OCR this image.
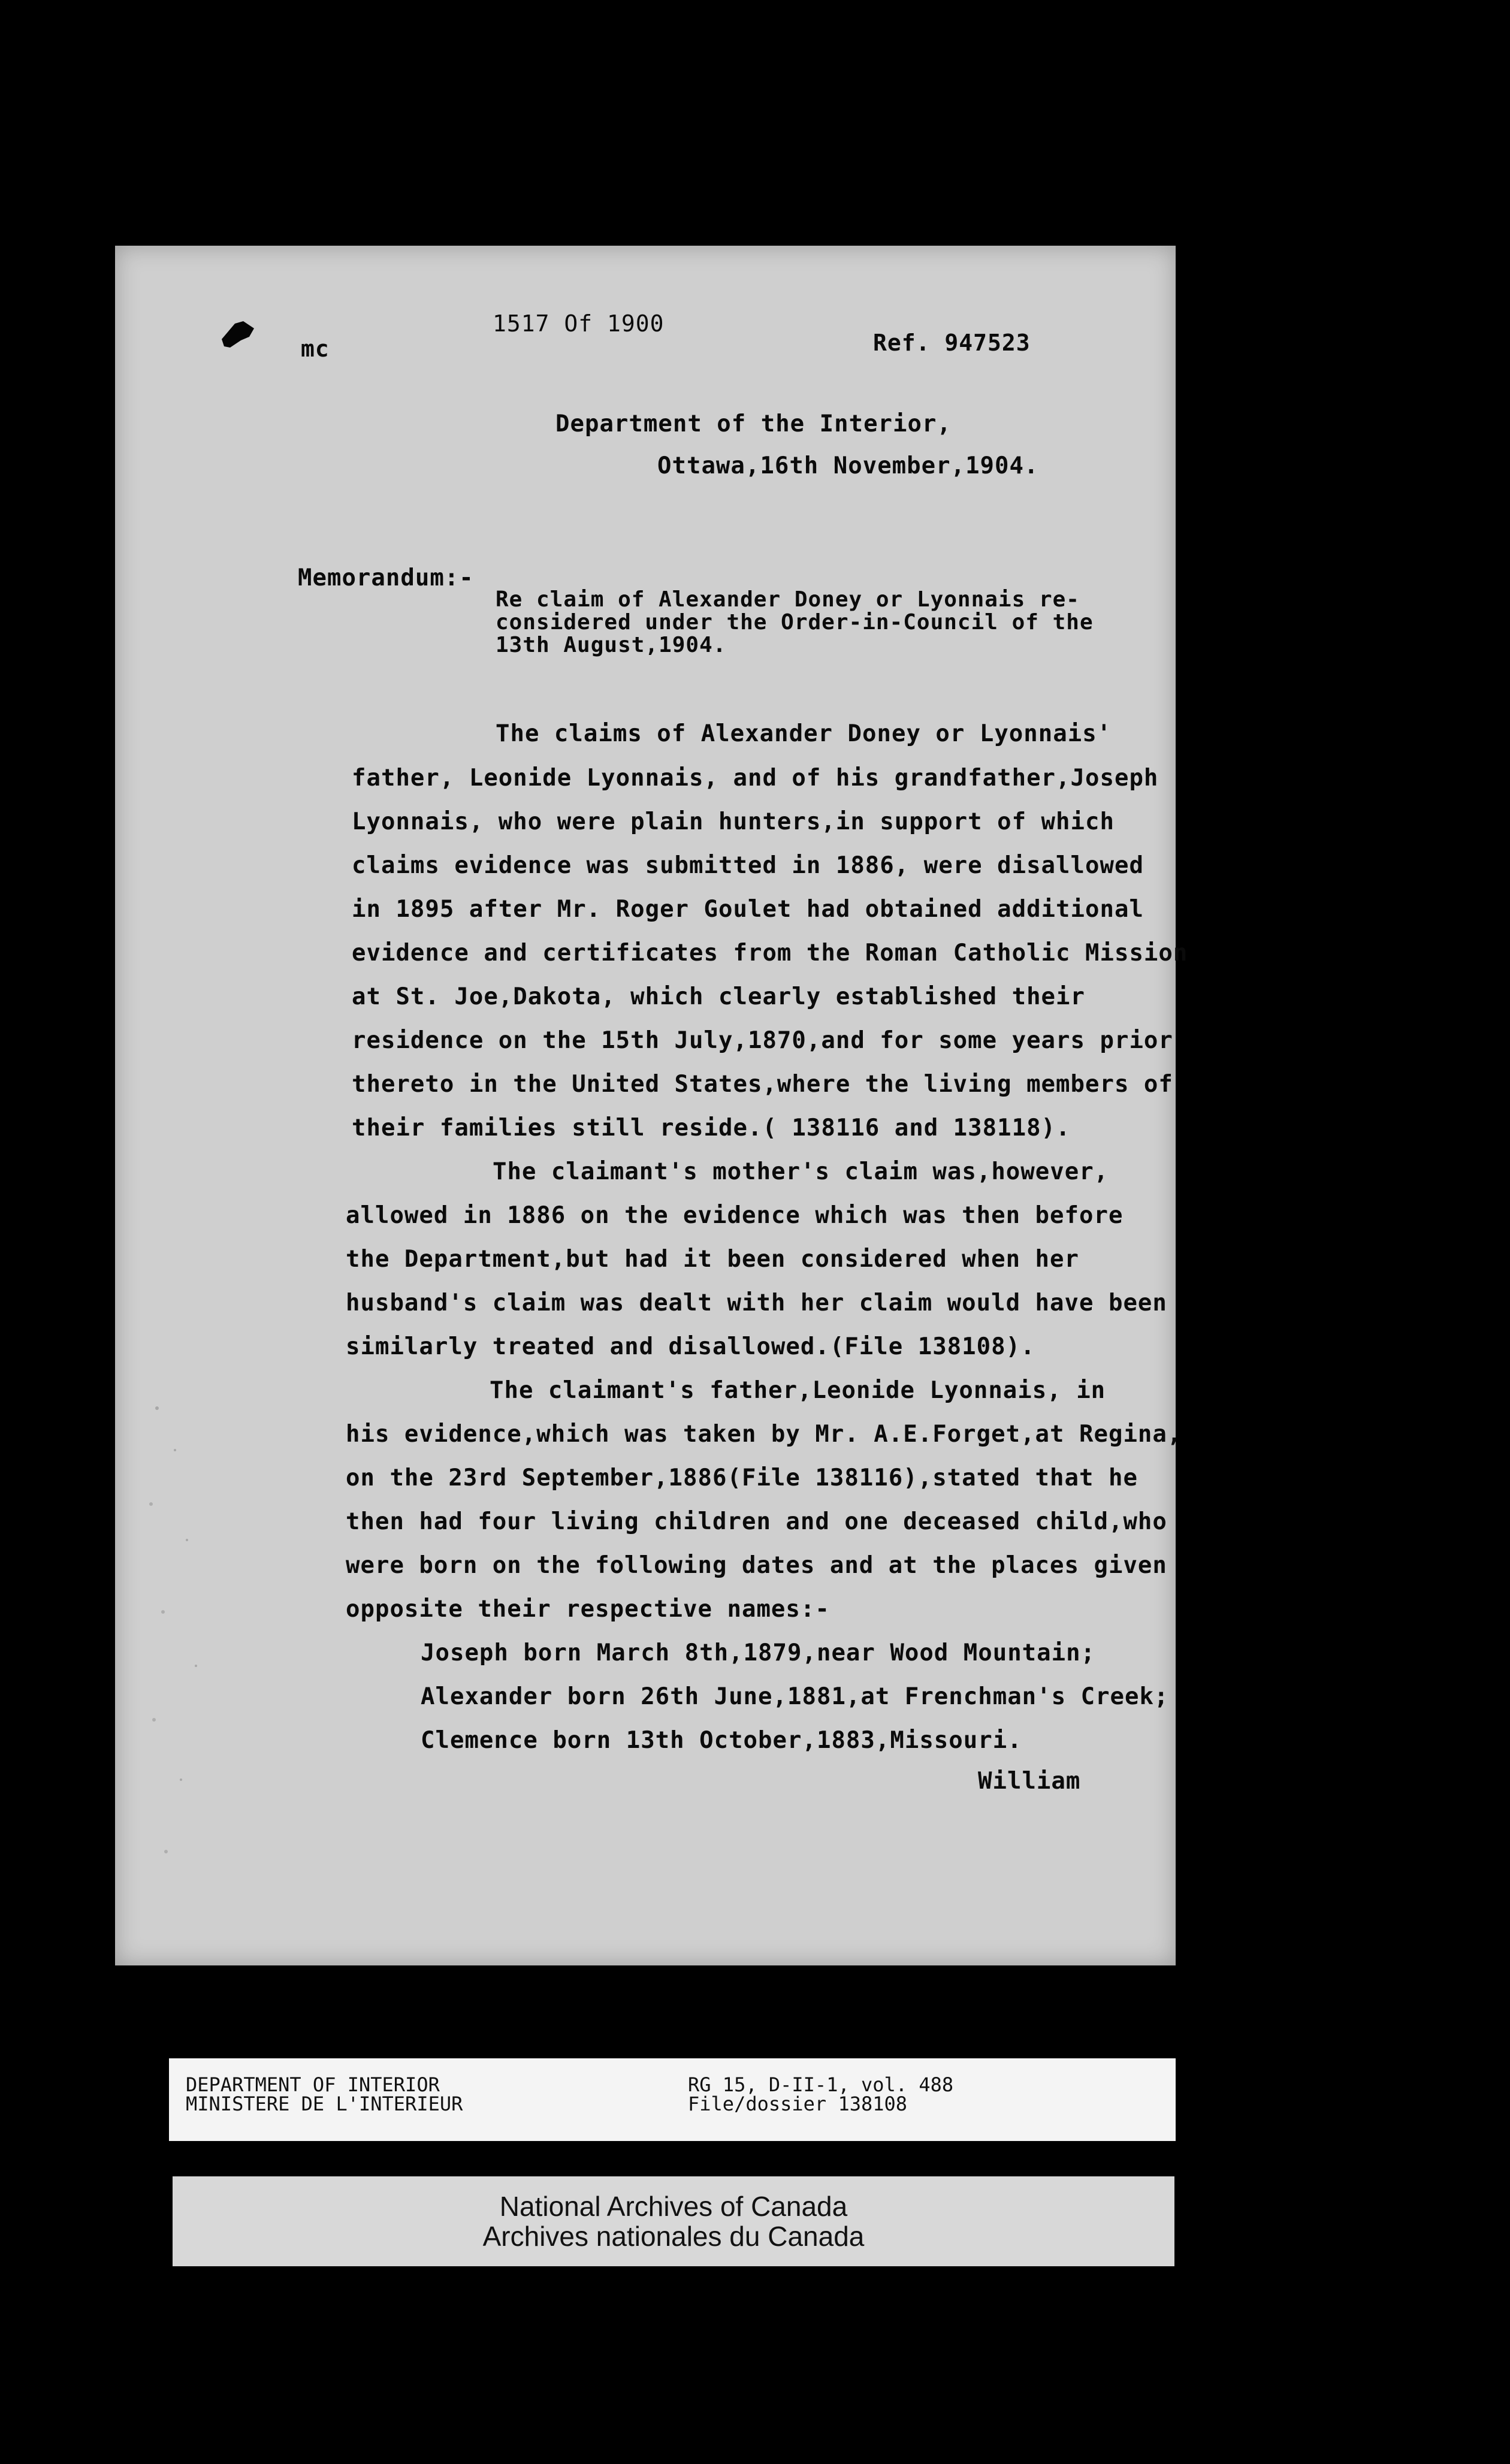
mc
1517 Of 1900
Ref. 947523
Department of the Interior,
Ottawa,16th November,1904.
Memorandum:-
Re claim of Alexander Doney or Lyonnais re-
considered under the Order-in-Council of the
13th August,1904.
The claims of Alexander Doney or Lyonnais'
father, Leonide Lyonnais, and of his grandfather,Joseph
Lyonnais, who were plain hunters,in support of which
claims evidence was submitted in 1886, were disallowed
in 1895 after Mr. Roger Goulet had obtained additional
evidence and certificates from the Roman Catholic Mission
at St. Joe,Dakota, which clearly established their
residence on the 15th July,1870,and for some years prior
thereto in the United States,where the living members of
their families still reside.( 138116 and 138118).
The claimant's mother's claim was,however,
allowed in 1886 on the evidence which was then before
the Department,but had it been considered when her
husband's claim was dealt with her claim would have been
similarly treated and disallowed.(File 138108).
The claimant's father,Leonide Lyonnais, in
his evidence,which was taken by Mr. A.E.Forget,at Regina,
on the 23rd September,1886(File 138116),stated that he
then had four living children and one deceased child,who
were born on the following dates and at the places given
opposite their respective names:-
Joseph born March 8th,1879,near Wood Mountain;
Alexander born 26th June,1881,at Frenchman's Creek;
Clemence born 13th October,1883,Missouri.
William
DEPARTMENT OF INTERIOR
MINISTERE DE L'INTERIEUR
RG 15, D-II-1, vol. 488
File/dossier 138108
National Archives of Canada
Archives nationales du Canada
